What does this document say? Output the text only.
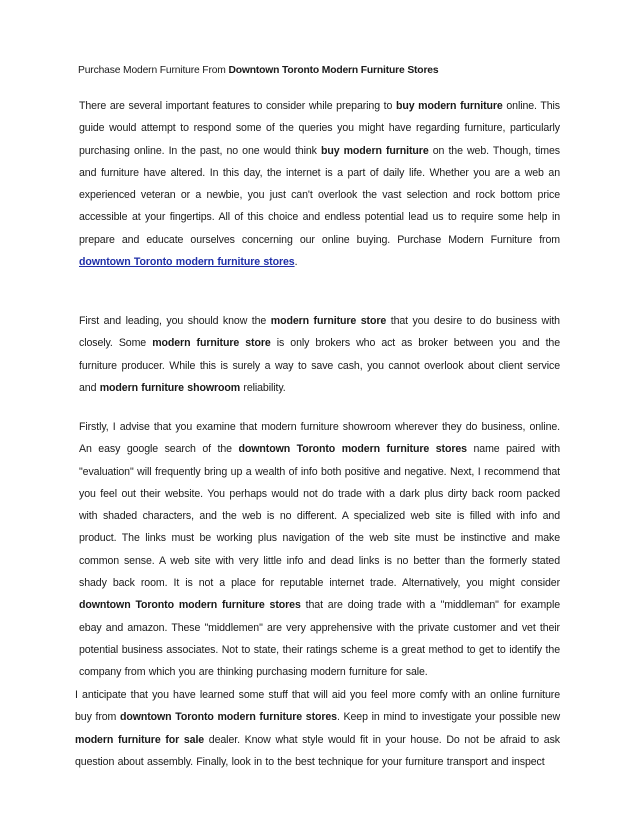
Purchase Modern Furniture From Downtown Toronto Modern Furniture Stores

There are several important features to consider while preparing to buy modern furniture online. This guide would attempt to respond some of the queries you might have regarding furniture, particularly purchasing online. In the past, no one would think buy modern furniture on the web. Though, times and furniture have altered. In this day, the internet is a part of daily life. Whether you are a web an experienced veteran or a newbie, you just can't overlook the vast selection and rock bottom price accessible at your fingertips. All of this choice and endless potential lead us to require some help in prepare and educate ourselves concerning our online buying. Purchase Modern Furniture from downtown Toronto modern furniture stores.

First and leading, you should know the modern furniture store that you desire to do business with closely. Some modern furniture store is only brokers who act as broker between you and the furniture producer. While this is surely a way to save cash, you cannot overlook about client service and modern furniture showroom reliability.

Firstly, I advise that you examine that modern furniture showroom wherever they do business, online. An easy google search of the downtown Toronto modern furniture stores name paired with "evaluation" will frequently bring up a wealth of info both positive and negative. Next, I recommend that you feel out their website. You perhaps would not do trade with a dark plus dirty back room packed with shaded characters, and the web is no different. A specialized web site is filled with info and product. The links must be working plus navigation of the web site must be instinctive and make common sense. A web site with very little info and dead links is no better than the formerly stated shady back room. It is not a place for reputable internet trade. Alternatively, you might consider downtown Toronto modern furniture stores that are doing trade with a "middleman" for example ebay and amazon. These "middlemen" are very apprehensive with the private customer and vet their potential business associates. Not to state, their ratings scheme is a great method to get to identify the company from which you are thinking purchasing modern furniture for sale.

I anticipate that you have learned some stuff that will aid you feel more comfy with an online furniture buy from downtown Toronto modern furniture stores. Keep in mind to investigate your possible new modern furniture for sale dealer. Know what style would fit in your house. Do not be afraid to ask question about assembly. Finally, look in to the best technique for your furniture transport and inspect
